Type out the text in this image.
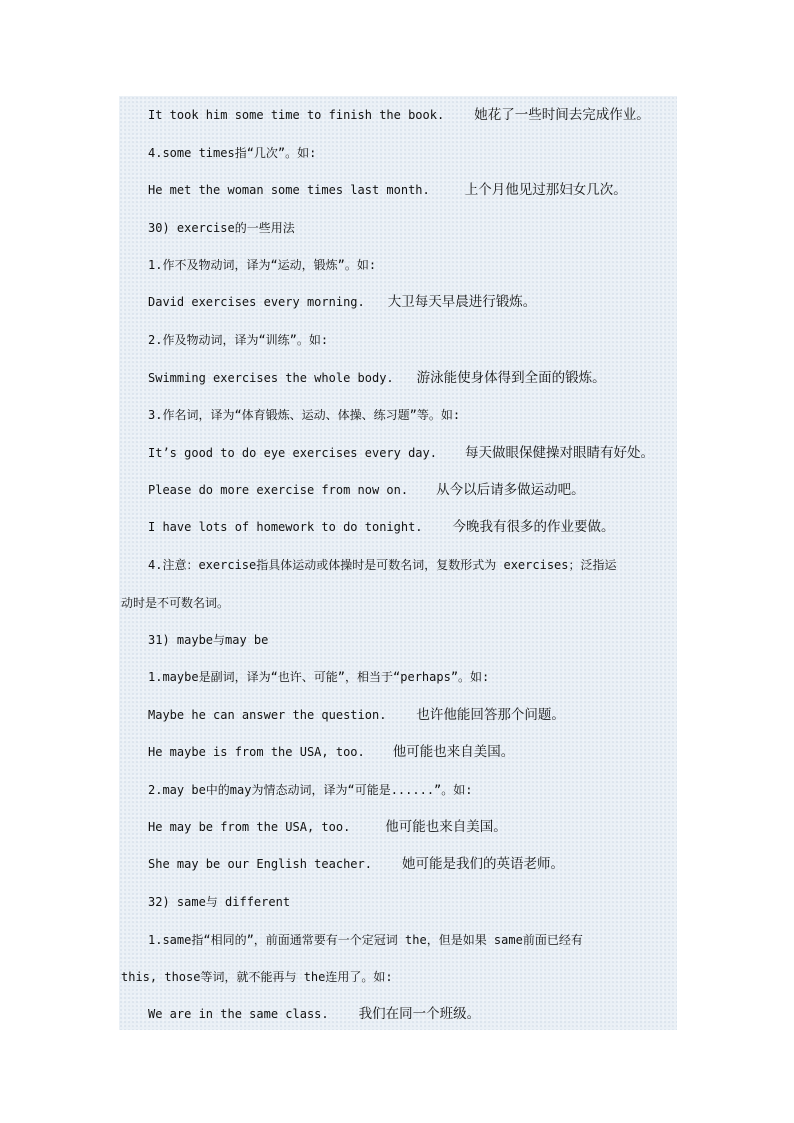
It took him some time to finish the book. 她花了一些时间去完成作业。
4.some times指“几次”。如:
He met the woman some times last month.	上个月他见过那妇女几次。
30) exercise的一些用法
1.作不及物动词，译为“运动，锻炼”。如:
David exercises every morning. 大卫每天早晨进行锻炼。
2.作及物动词，译为“训练”。如:
Swimming exercises the whole body. 游泳能使身体得到全面的锻炼。
3.作名词，译为“体育锻炼、运动、体操、练习题”等。如:
It’s good to do eye exercises every day. 每天做眼保健操对眼睛有好处。
Please do more exercise from now on. 从今以后请多做运动吧。
I have lots of homework to do tonight. 今晚我有很多的作业要做。
4.注意：exercise指具体运动或体操时是可数名词，复数形式为 exercises；泛指运
动时是不可数名词。
31) maybe与may be
1.maybe是副词，译为“也许、可能”，相当于“perhaps”。如:
Maybe he can answer the question. 也许他能回答那个问题。
He maybe is from the USA, too. 他可能也来自美国。
2.may be中的may为情态动词，译为“可能是......”。如:
He may be from the USA, too.	他可能也来自美国。
She may be our English teacher. 她可能是我们的英语老师。
32) same与 different
1.same指“相同的”，前面通常要有一个定冠词 the，但是如果 same前面已经有
this, those等词，就不能再与 the连用了。如:
We are in the same class. 我们在同一个班级。
